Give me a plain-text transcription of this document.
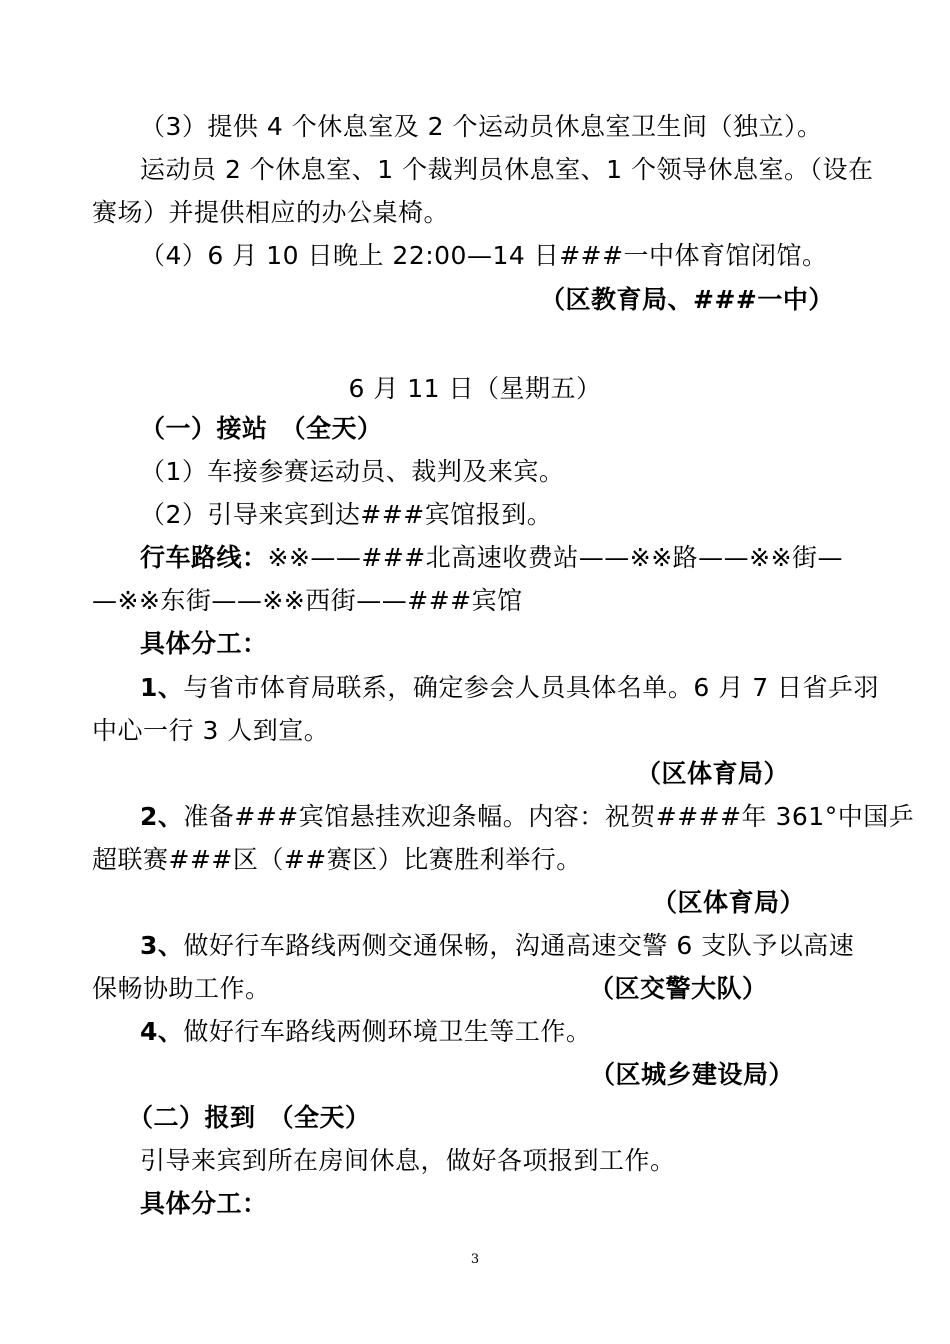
（3）提供 4 个休息室及 2 个运动员休息室卫生间（独立）。
运动员 2 个休息室、1 个裁判员休息室、1 个领导休息室。（设在
赛场）并提供相应的办公桌椅。
（4）6 月 10 日晚上 22:00—14 日###一中体育馆闭馆。
（区教育局、###一中）
6 月 11 日（星期五）
（一）接站　（全天）
（1）车接参赛运动员、裁判及来宾。
（2）引导来宾到达###宾馆报到。
行车路线：※※——###北高速收费站——※※路——※※街—
—※※东街——※※西街——###宾馆
具体分工：
1、与省市体育局联系，确定参会人员具体名单。6 月 7 日省乒羽
中心一行 3 人到宣。
（区体育局）
2、准备###宾馆悬挂欢迎条幅。内容：祝贺####年 361°中国乒
超联赛###区（##赛区）比赛胜利举行。
（区体育局）
3、做好行车路线两侧交通保畅，沟通高速交警 6 支队予以高速
保畅协助工作。	（区交警大队）
4、做好行车路线两侧环境卫生等工作。
（区城乡建设局）
（二）报到　（全天）
引导来宾到所在房间休息，做好各项报到工作。
具体分工：
3
